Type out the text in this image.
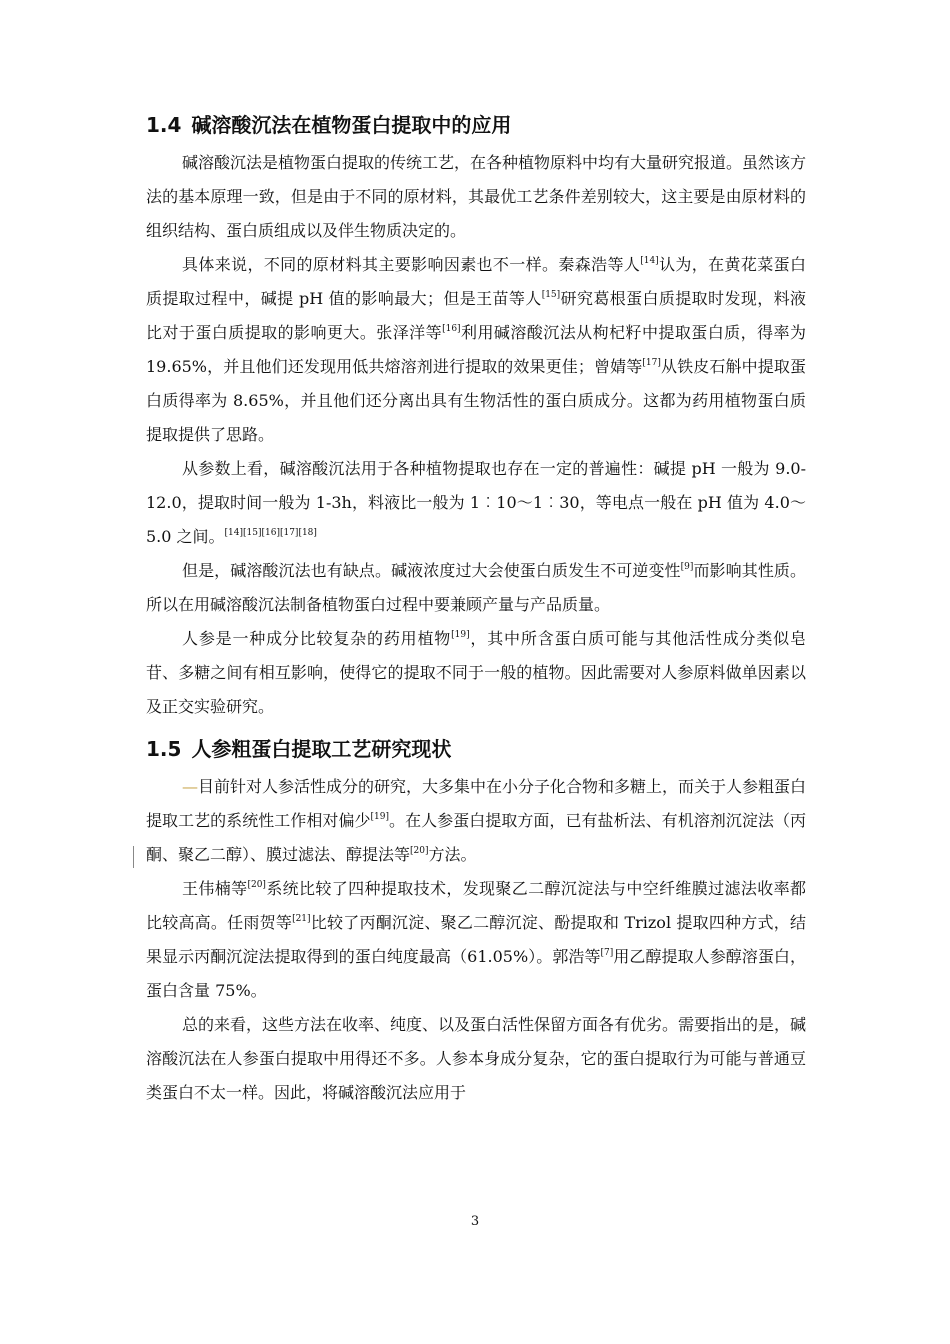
1.4 碱溶酸沉法在植物蛋白提取中的应用

碱溶酸沉法是植物蛋白提取的传统工艺，在各种植物原料中均有大量研究报道。虽然该方法的基本原理一致，但是由于不同的原材料，其最优工艺条件差别较大，这主要是由原材料的组织结构、蛋白质组成以及伴生物质决定的。

具体来说，不同的原材料其主要影响因素也不一样。秦森浩等人[14]认为，在黄花菜蛋白质提取过程中，碱提 pH 值的影响最大；但是王苗等人[15]研究葛根蛋白质提取时发现，料液比对于蛋白质提取的影响更大。张泽洋等[16]利用碱溶酸沉法从枸杞籽中提取蛋白质，得率为 19.65%，并且他们还发现用低共熔溶剂进行提取的效果更佳；曾婧等[17]从铁皮石斛中提取蛋白质得率为 8.65%，并且他们还分离出具有生物活性的蛋白质成分。这都为药用植物蛋白质提取提供了思路。

从参数上看，碱溶酸沉法用于各种植物提取也存在一定的普遍性：碱提 pH 一般为 9.0-12.0，提取时间一般为 1-3h，料液比一般为 1︰10～1︰30，等电点一般在 pH 值为 4.0～5.0 之间。[14][15][16][17][18]

但是，碱溶酸沉法也有缺点。碱液浓度过大会使蛋白质发生不可逆变性[9]而影响其性质。所以在用碱溶酸沉法制备植物蛋白过程中要兼顾产量与产品质量。

人参是一种成分比较复杂的药用植物[19]，其中所含蛋白质可能与其他活性成分类似皂苷、多糖之间有相互影响，使得它的提取不同于一般的植物。因此需要对人参原料做单因素以及正交实验研究。

1.5 人参粗蛋白提取工艺研究现状

—目前针对人参活性成分的研究，大多集中在小分子化合物和多糖上，而关于人参粗蛋白提取工艺的系统性工作相对偏少[19]。在人参蛋白提取方面，已有盐析法、有机溶剂沉淀法（丙酮、聚乙二醇）、膜过滤法、醇提法等[20]方法。

王伟楠等[20]系统比较了四种提取技术，发现聚乙二醇沉淀法与中空纤维膜过滤法收率都比较高高。任雨贺等[21]比较了丙酮沉淀、聚乙二醇沉淀、酚提取和 Trizol 提取四种方式，结果显示丙酮沉淀法提取得到的蛋白纯度最高（61.05%）。郭浩等[7]用乙醇提取人参醇溶蛋白，蛋白含量 75%。

总的来看，这些方法在收率、纯度、以及蛋白活性保留方面各有优劣。需要指出的是，碱溶酸沉法在人参蛋白提取中用得还不多。人参本身成分复杂，它的蛋白提取行为可能与普通豆类蛋白不太一样。因此，将碱溶酸沉法应用于

3
